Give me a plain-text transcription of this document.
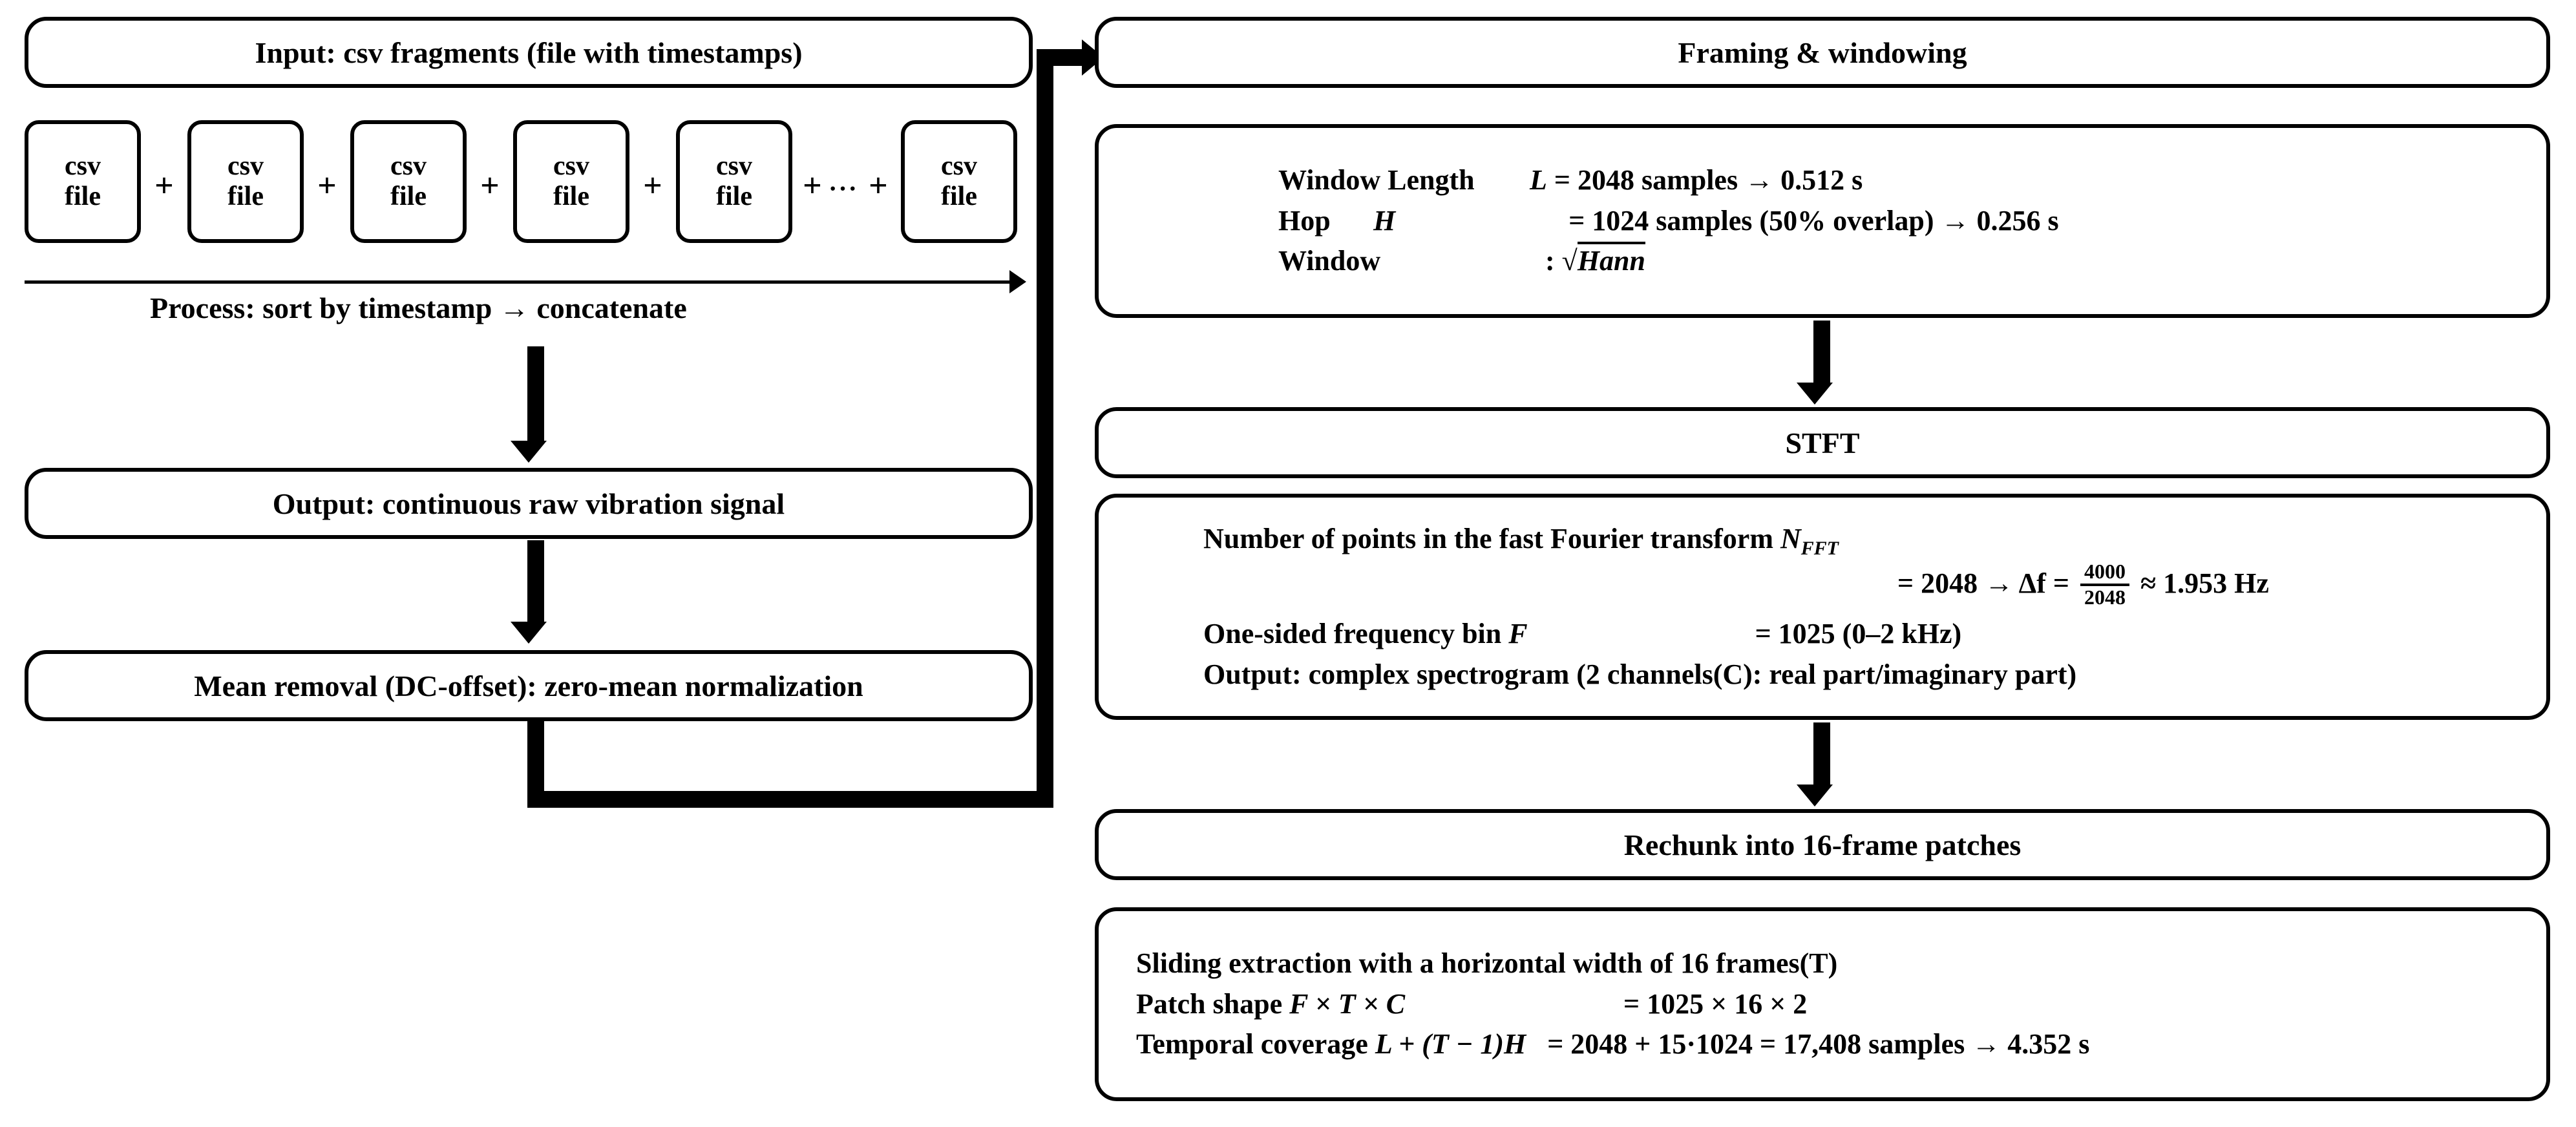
Input: csv fragments (file with timestamps)
csv
file +
csv
file +
csv
file +
csv
file +
csv
file + ··· +
csv
file
Process: sort by timestamp → concatenate
Output: continuous raw vibration signal
Mean removal (DC-offset): zero-mean normalization
Framing & windowing
Window Length L = 2048 samples → 0.512 s
Hop H	= 1024 samples (50% overlap) → 0.256 s
Window	: √Hann
STFT
Number of points in the fast Fourier transform $N_{FFT}$
= $2048 \to \Delta f = \frac{4000}{2048} \approx 1.953$ Hz
One-sided frequency bin F	= 1025 (0–2 kHz)
Output: complex spectrogram (2 channels(C): real part/imaginary part)
Rechunk into 16-frame patches
Sliding extraction with a horizontal width of 16 frames(T)
Patch shape F × T × C	= 1025 × 16 × 2
Temporal coverage L + (T − 1)H = 2048 + 15·1024 = 17,408 samples → 4.352 s
